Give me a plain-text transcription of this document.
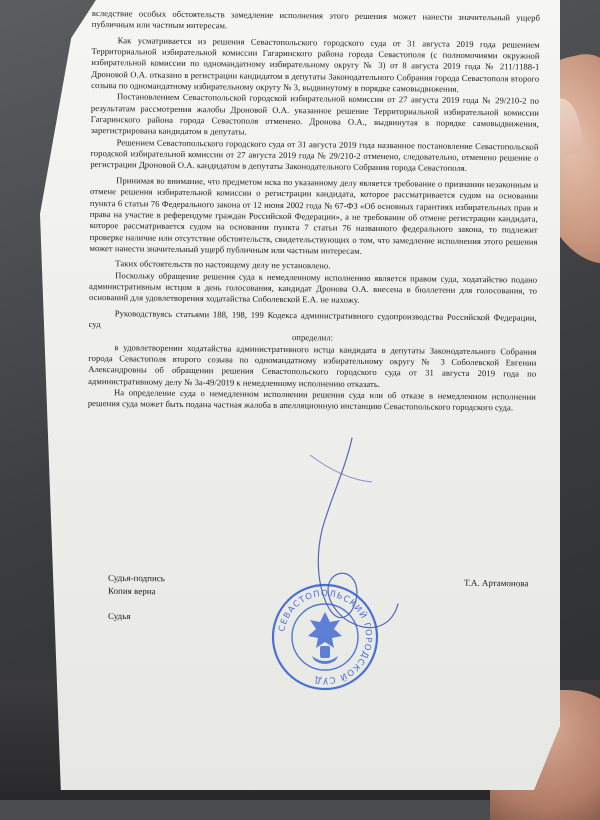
вследствие особых обстоятельств замедление исполнения этого решения может нанести значительный ущерб публичным или частным интересам.

Как усматривается из решения Севастопольского городского суда от 31 августа 2019 года решением Территориальной избирательной комиссии Гагаринского района города Севастополя (с полномочиями окружной избирательной комиссии по одномандатному избирательному округу № 3) от 8 августа 2019 года № 211/1188-1 Дроновой О.А. отказано в регистрации кандидатом в депутаты Законодательного Собрания города Севастополя второго созыва по одномандатному избирательному округу № 3, выдвинутому в порядке самовыдвижения.

Постановлением Севастопольской городской избирательной комиссии от 27 августа 2019 года № 29/210-2 по результатам рассмотрения жалобы Дроновой О.А. указанное решение Территориальной избирательной комиссии Гагаринского района города Севастополя отменено. Дронова О.А., выдвинутая в порядке самовыдвижения, зарегистрирована кандидатом в депутаты.

Решением Севастопольского городского суда от 31 августа 2019 года названное постановление Севастопольской городской избирательной комиссии от 27 августа 2019 года № 29/210-2 отменено, следовательно, отменено решение о регистрации Дроновой О.А. кандидатом в депутаты Законодательного Собрания города Севастополя.

Принимая во внимание, что предметом иска по указанному делу является требование о признании незаконным и отмене решения избирательной комиссии о регистрации кандидата, которое рассматривается судом на основании пункта 6 статьи 76 Федерального закона от 12 июня 2002 года № 67-ФЗ «Об основных гарантиях избирательных прав и права на участие в референдуме граждан Российской Федерации», а не требование об отмене регистрации кандидата, которое рассматривается судом на основании пункта 7 статьи 76 названного федерального закона, то подлежит проверке наличие или отсутствие обстоятельств, свидетельствующих о том, что замедление исполнения этого решения может нанести значительный ущерб публичным или частным интересам.

Таких обстоятельств по настоящему делу не установлено.

Поскольку обращение решения суда к немедленному исполнению является правом суда, ходатайство подано административным истцом в день голосования, кандидат Дронова О.А. внесена в бюллетени для голосования, то оснований для удовлетворения ходатайства Соболевской Е.А. не нахожу.

Руководствуясь статьями 188, 198, 199 Кодекса административного судопроизводства Российской Федерации, суд

определил:

в удовлетворении ходатайства административного истца кандидата в депутаты Законодательного Собрания города Севастополя второго созыва по одномандатному избирательному округу № 3 Соболевской Евгении Александровны об обращении решения Севастопольского городского суда от 31 августа 2019 года по административному делу № 3а-49/2019 к немедленному исполнению отказать.

На определение суда о немедленном исполнении решения суда или об отказе в немедленном исполнении решения суда может быть подана частная жалоба в апелляционную инстанцию Севастопольского городского суда.

Судья-подпись
Копия верна
Судья
Т.А. Артамонова
СЕВАСТОПОЛЬСКИЙ ГОРОДСКОЙ СУД
